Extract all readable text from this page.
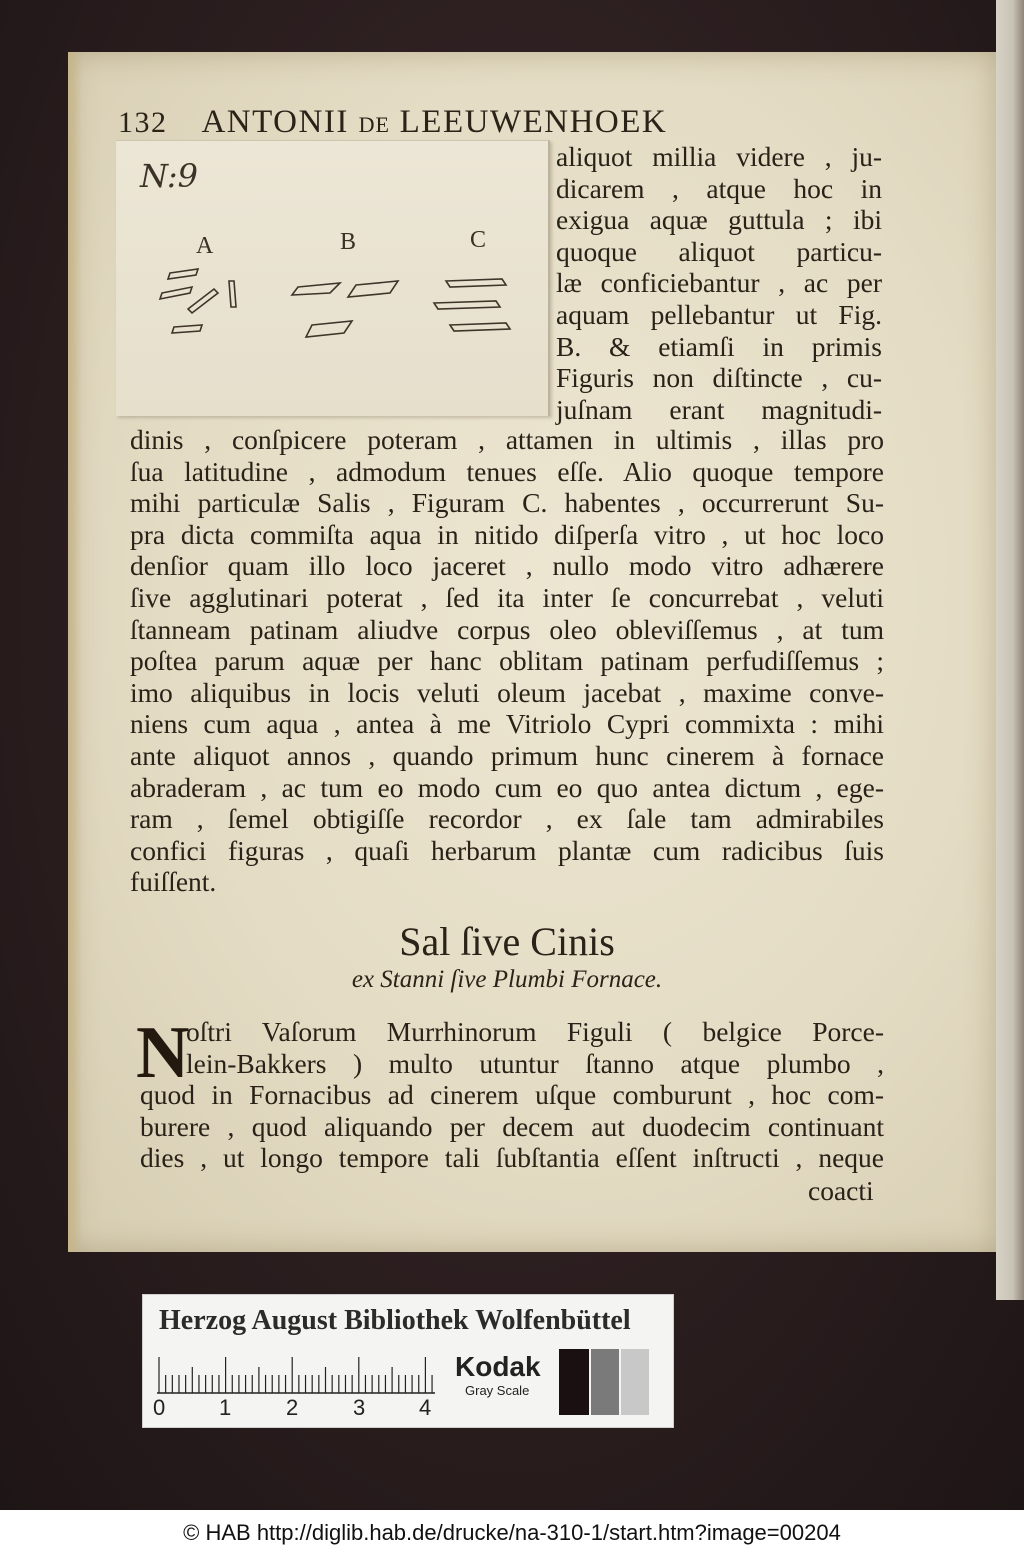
132 ANTONII DE LEEUWENHOEK
N:9
A	B	C
aliquot millia videre , ju-
dicarem , atque hoc in
exigua aquæ guttula ; ibi
quoque aliquot particu-
læ conficiebantur , ac per
aquam pellebantur ut Fig.
B. & etiamſi in primis
Figuris non diſtincte , cu-
juſnam erant magnitudi-
dinis , conſpicere poteram , attamen in ultimis , illas pro
ſua latitudine , admodum tenues eſſe. Alio quoque tempore
mihi particulæ Salis , Figuram C. habentes , occurrerunt Su-
pra dicta commiſta aqua in nitido diſperſa vitro , ut hoc loco
denſior quam illo loco jaceret , nullo modo vitro adhærere
ſive agglutinari poterat , ſed ita inter ſe concurrebat , veluti
ſtanneam patinam aliudve corpus oleo obleviſſemus , at tum
poſtea parum aquæ per hanc oblitam patinam perfudiſſemus ;
imo aliquibus in locis veluti oleum jacebat , maxime conve-
niens cum aqua , antea à me Vitriolo Cypri commixta : mihi
ante aliquot annos , quando primum hunc cinerem à fornace
abraderam , ac tum eo modo cum eo quo antea dictum , ege-
ram , ſemel obtigiſſe recordor , ex ſale tam admirabiles
confici figuras , quaſi herbarum plantæ cum radicibus ſuis
fuiſſent.
Sal ſive Cinis
ex Stanni ſive Plumbi Fornace.
N
oſtri Vaſorum Murrhinorum Figuli ( belgice Porce-
lein-Bakkers ) multo utuntur ſtanno atque plumbo ,
quod in Fornacibus ad cinerem uſque comburunt , hoc com-
burere , quod aliquando per decem aut duodecim continuant
dies , ut longo tempore tali ſubſtantia eſſent inſtructi , neque
coacti
Herzog August Bibliothek Wolfenbüttel
0 1 2 3 4
Kodak
Gray Scale
© HAB http://diglib.hab.de/drucke/na-310-1/start.htm?image=00204
